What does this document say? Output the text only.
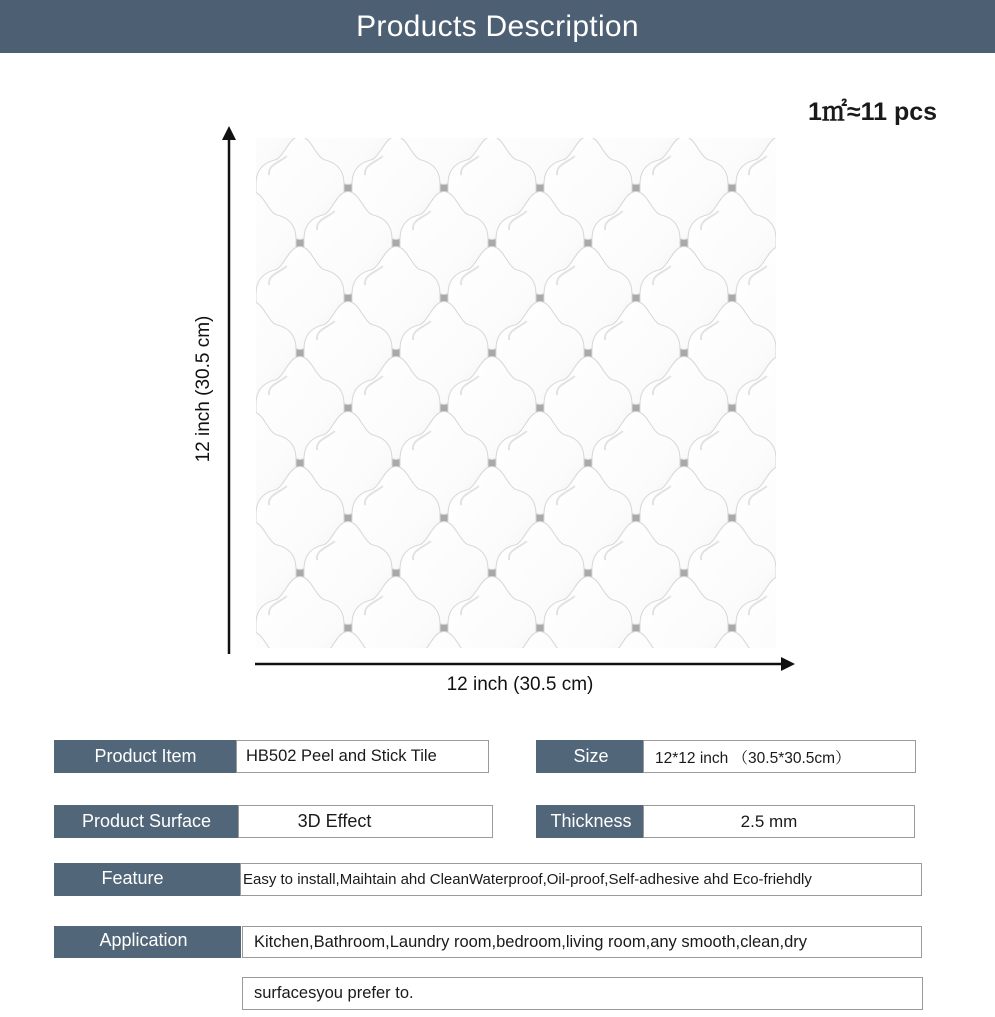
Products Description
1㎡≈11 pcs
12 inch (30.5 cm)
12 inch (30.5 cm)
Product Item	HB502 Peel and Stick Tile	Size	12*12 inch （30.5*30.5cm）
Product Surface	3D Effect	Thickness	2.5 mm
Feature	Easy to install,Maihtain ahd CleanWaterproof,Oil-proof,Self-adhesive ahd Eco-friehdly
Application	Kitchen,Bathroom,Laundry room,bedroom,living room,any smooth,clean,dry
surfacesyou prefer to.
